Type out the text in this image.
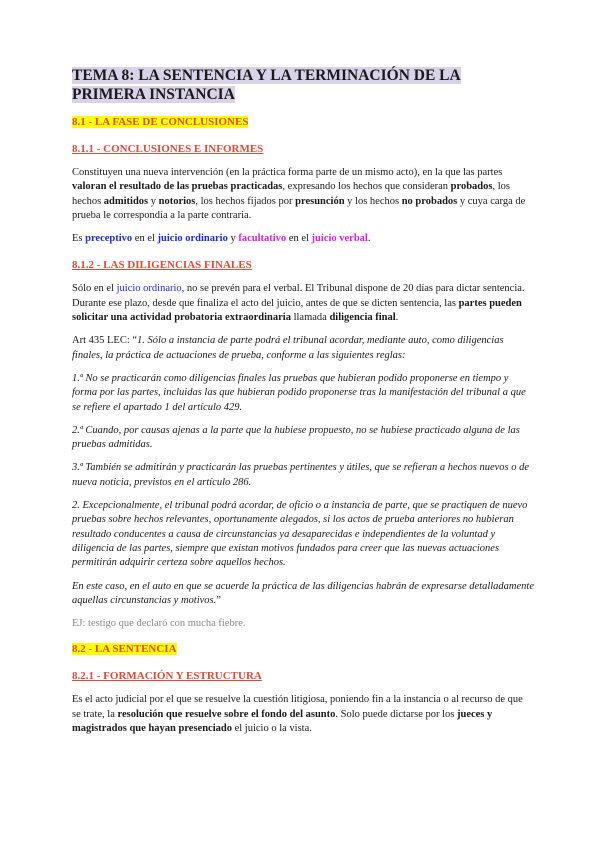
TEMA 8: LA SENTENCIA Y LA TERMINACIÓN DE LA
PRIMERA INSTANCIA
8.1 - LA FASE DE CONCLUSIONES
8.1.1 - CONCLUSIONES E INFORMES

Constituyen una nueva intervención (en la práctica forma parte de un mismo acto), en la que las partes valoran el resultado de las pruebas practicadas, expresando los hechos que consideran probados, los hechos admitidos y notorios, los hechos fijados por presunción y los hechos no probados y cuya carga de prueba le correspondía a la parte contraria.

Es preceptivo en el juicio ordinario y facultativo en el juicio verbal.

8.1.2 - LAS DILIGENCIAS FINALES

Sólo en el juicio ordinario, no se prevén para el verbal. El Tribunal dispone de 20 días para dictar sentencia. Durante ese plazo, desde que finaliza el acto del juicio, antes de que se dicten sentencia, las partes pueden solicitar una actividad probatoria extraordinaria llamada diligencia final.

Art 435 LEC: “1. Sólo a instancia de parte podrá el tribunal acordar, mediante auto, como diligencias finales, la práctica de actuaciones de prueba, conforme a las siguientes reglas:

1.ª No se practicarán como diligencias finales las pruebas que hubieran podido proponerse en tiempo y forma por las partes, incluidas las que hubieran podido proponerse tras la manifestación del tribunal a que se refiere el apartado 1 del artículo 429.

2.ª Cuando, por causas ajenas a la parte que la hubiese propuesto, no se hubiese practicado alguna de las pruebas admitidas.

3.ª También se admitirán y practicarán las pruebas pertinentes y útiles, que se refieran a hechos nuevos o de nueva noticia, previstos en el artículo 286.

2. Excepcionalmente, el tribunal podrá acordar, de oficio o a instancia de parte, que se practiquen de nuevo pruebas sobre hechos relevantes, oportunamente alegados, si los actos de prueba anteriores no hubieran resultado conducentes a causa de circunstancias ya desaparecidas e independientes de la voluntad y diligencia de las partes, siempre que existan motivos fundados para creer que las nuevas actuaciones permitirán adquirir certeza sobre aquellos hechos.

En este caso, en el auto en que se acuerde la práctica de las diligencias habrán de expresarse detalladamente aquellas circunstancias y motivos.”

EJ: testigo que declaró con mucha fiebre.

8.2 - LA SENTENCIA
8.2.1 - FORMACIÓN Y ESTRUCTURA

Es el acto judicial por el que se resuelve la cuestión litigiosa, poniendo fin a la instancia o al recurso de que se trate, la resolución que resuelve sobre el fondo del asunto. Solo puede dictarse por los jueces y magistrados que hayan presenciado el juicio o la vista.
